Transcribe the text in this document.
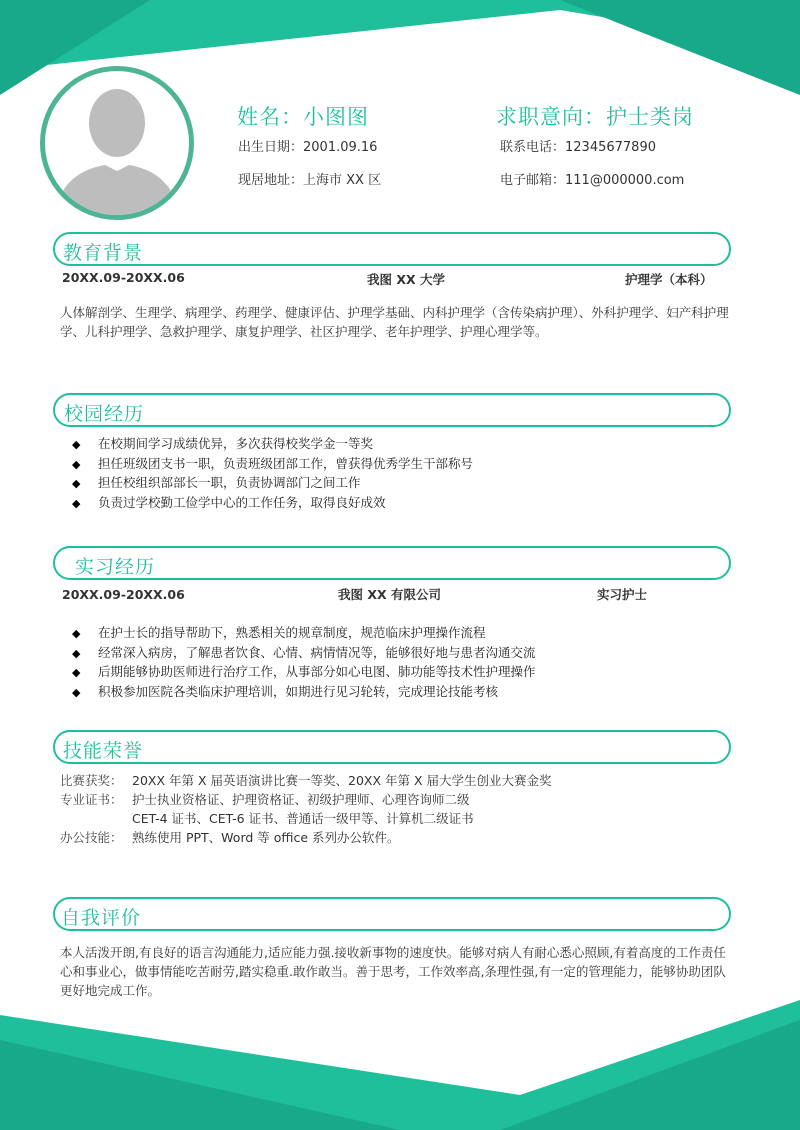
姓名：小图图	求职意向：护士类岗
出生日期：2001.09.16	联系电话：12345677890
现居地址：上海市 XX 区	电子邮箱：111@000000.com
教育背景
20XX.09-20XX.06	我图 XX 大学	护理学（本科）
人体解剖学、生理学、病理学、药理学、健康评估、护理学基础、内科护理学（含传染病护理）、外科护理学、妇产科护理学、儿科护理学、急救护理学、康复护理学、社区护理学、老年护理学、护理心理学等。
校园经历
◆ 在校期间学习成绩优异，多次获得校奖学金一等奖
◆ 担任班级团支书一职，负责班级团部工作，曾获得优秀学生干部称号
◆ 担任校组织部部长一职，负责协调部门之间工作
◆ 负责过学校勤工俭学中心的工作任务，取得良好成效
实习经历
20XX.09-20XX.06	我图 XX 有限公司	实习护士
◆ 在护士长的指导帮助下，熟悉相关的规章制度，规范临床护理操作流程
◆ 经常深入病房，了解患者饮食、心情、病情情况等，能够很好地与患者沟通交流
◆ 后期能够协助医师进行治疗工作，从事部分如心电图、肺功能等技术性护理操作
◆ 积极参加医院各类临床护理培训，如期进行见习轮转，完成理论技能考核
技能荣誉
比赛获奖： 20XX 年第 X 届英语演讲比赛一等奖、20XX 年第 X 届大学生创业大赛金奖
专业证书： 护士执业资格证、护理资格证、初级护理师、心理咨询师二级
CET-4 证书、CET-6 证书、普通话一级甲等、计算机二级证书
办公技能： 熟练使用 PPT、Word 等 office 系列办公软件。
自我评价
本人活泼开朗,有良好的语言沟通能力,适应能力强.接收新事物的速度快。能够对病人有耐心悉心照顾,有着高度的工作责任心和事业心，做事情能吃苦耐劳,踏实稳重.敢作敢当。善于思考，工作效率高,条理性强,有一定的管理能力，能够协助团队更好地完成工作。
